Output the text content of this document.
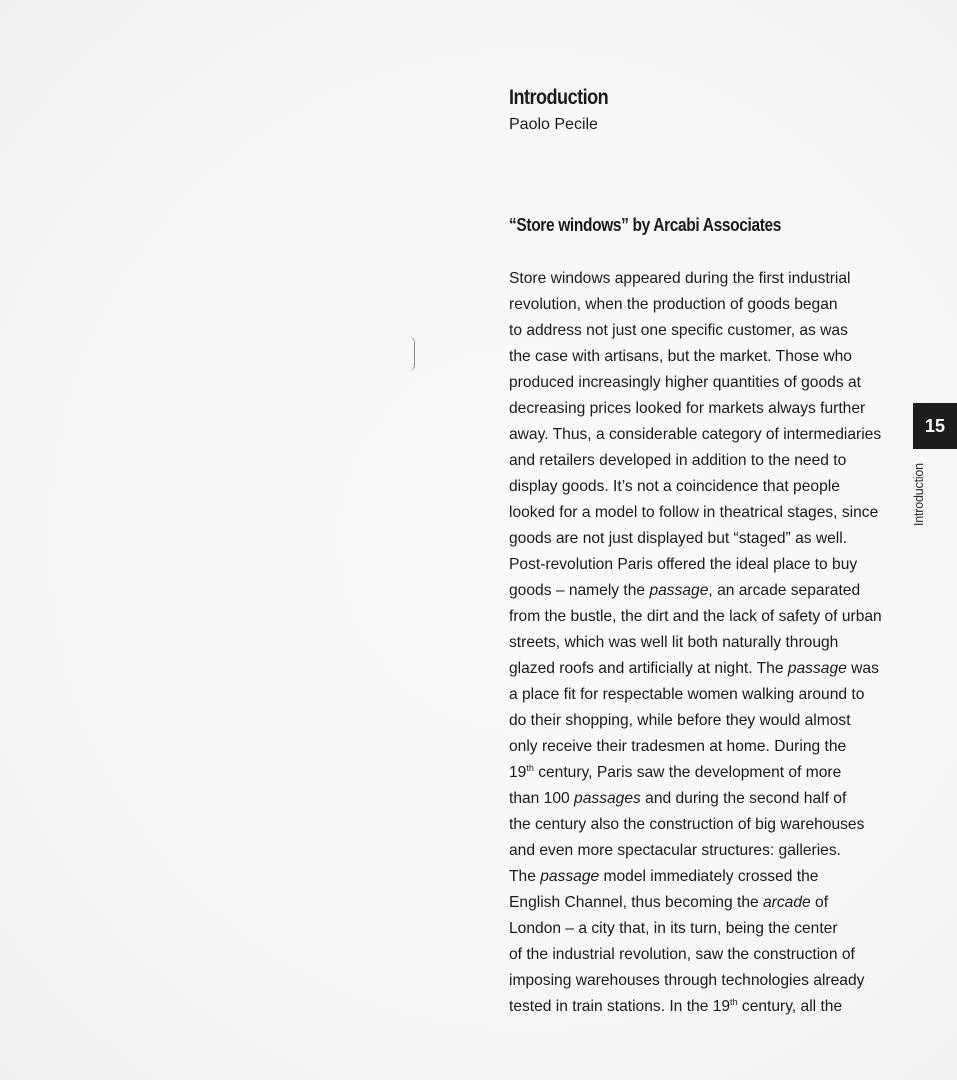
Introduction
Paolo Pecile
“Store windows” by Arcabi Associates
Store windows appeared during the first industrial
revolution, when the production of goods began
to address not just one specific customer, as was
the case with artisans, but the market. Those who
produced increasingly higher quantities of goods at
decreasing prices looked for markets always further
away. Thus, a considerable category of intermediaries
and retailers developed in addition to the need to
display goods. It’s not a coincidence that people
looked for a model to follow in theatrical stages, since
goods are not just displayed but “staged” as well.
Post-revolution Paris offered the ideal place to buy
goods – namely the passage, an arcade separated
from the bustle, the dirt and the lack of safety of urban
streets, which was well lit both naturally through
glazed roofs and artificially at night. The passage was
a place fit for respectable women walking around to
do their shopping, while before they would almost
only receive their tradesmen at home. During the
19th century, Paris saw the development of more
than 100 passages and during the second half of
the century also the construction of big warehouses
and even more spectacular structures: galleries.
The passage model immediately crossed the
English Channel, thus becoming the arcade of
London – a city that, in its turn, being the center
of the industrial revolution, saw the construction of
imposing warehouses through technologies already
tested in train stations. In the 19th century, all the
15
Introduction
